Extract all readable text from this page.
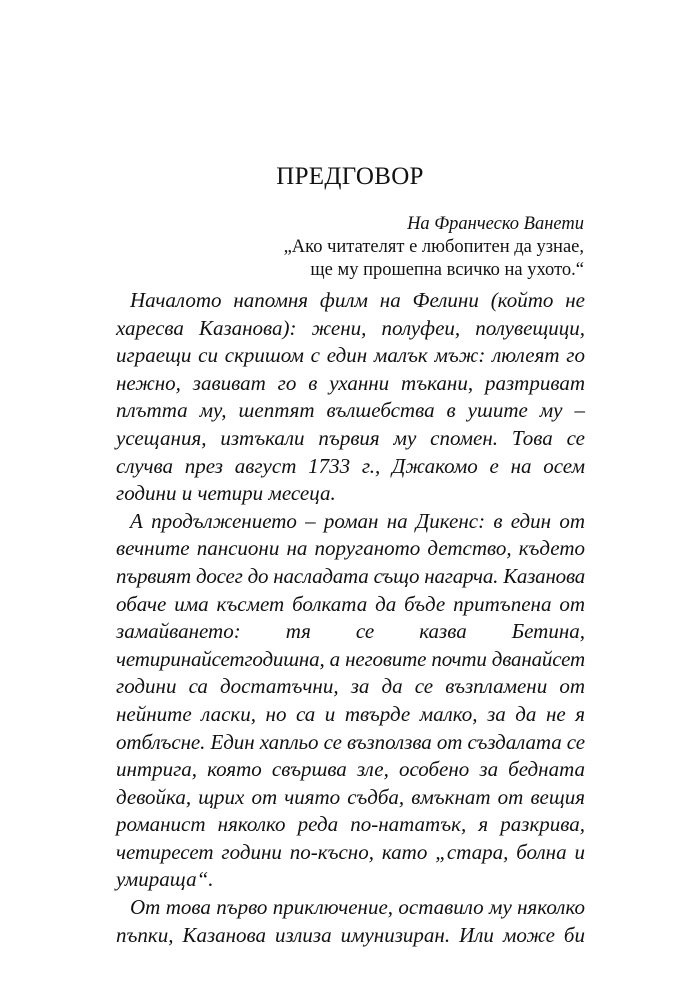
ПРЕДГОВОР
На Франческо Ванети
„Ако читателят е любопитен да узнае,
ще му прошепна всичко на ухото.“

Началото напомня филм на Фелини (който не
харесва Казанова): жени, полуфеи, полувещици,
играещи си скришом с един малък мъж: люлеят го
нежно, завиват го в уханни тъкани, разтриват
плътта му, шептят вълшебства в ушите му –
усещания, изтъкали първия му спомен. Това се
случва през август 1733 г., Джакомо е на осем
години и четири месеца.

А продължението – роман на Дикенс: в един от
вечните пансиони на поруганото детство, където
първият досег до насладата също нагарча. Казанова
обаче има късмет болката да бъде притъпена от
замайването: тя се казва Бетина,
четиринайсетгодишна, а неговите почти дванайсет
години са достатъчни, за да се възпламени от
нейните ласки, но са и твърде малко, за да не я
отблъсне. Един хапльо се възползва от създалата се
интрига, която свършва зле, особено за бедната
девойка, щрих от чиято съдба, вмъкнат от вещия
романист няколко реда по-нататък, я разкрива,
четиресет години по-късно, като „стара, болна и
умираща“.

От това първо приключение, оставило му няколко
пъпки, Казанова излиза имунизиран. Или може би
